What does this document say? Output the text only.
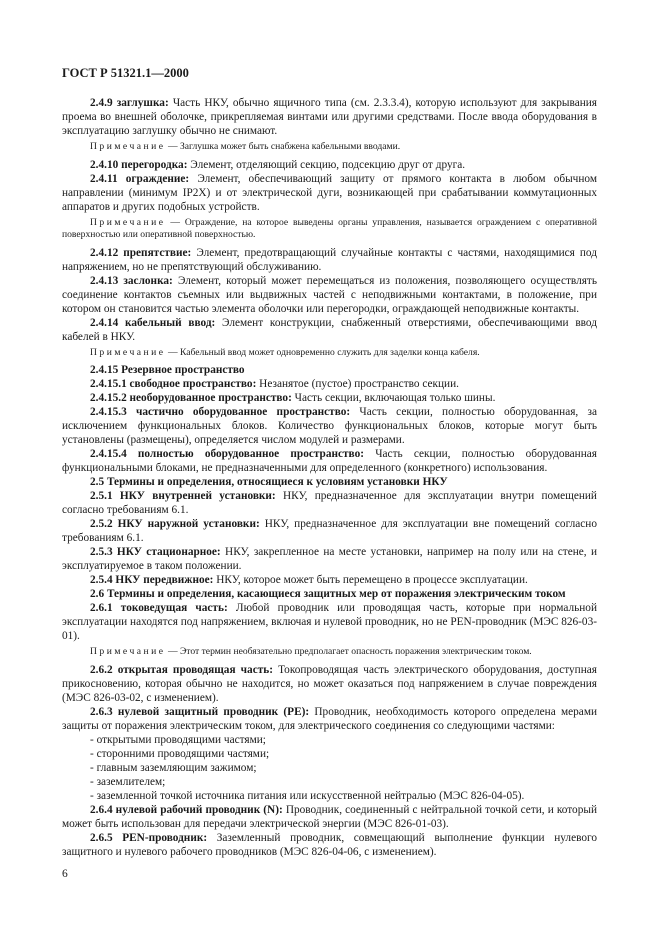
ГОСТ Р 51321.1—2000

2.4.9 заглушка: Часть НКУ, обычно ящичного типа (см. 2.3.3.4), которую используют для закрывания проема во внешней оболочке, прикрепляемая винтами или другими средствами. После ввода оборудования в эксплуатацию заглушку обычно не снимают.

Примечание — Заглушка может быть снабжена кабельными вводами.

2.4.10 перегородка: Элемент, отделяющий секцию, подсекцию друг от друга.

2.4.11 ограждение: Элемент, обеспечивающий защиту от прямого контакта в любом обычном направлении (минимум IP2X) и от электрической дуги, возникающей при срабатывании коммутационных аппаратов и других подобных устройств.

Примечание — Ограждение, на которое выведены органы управления, называется ограждением с оперативной поверхностью или оперативной поверхностью.

2.4.12 препятствие: Элемент, предотвращающий случайные контакты с частями, находящимися под напряжением, но не препятствующий обслуживанию.

2.4.13 заслонка: Элемент, который может перемещаться из положения, позволяющего осуществлять соединение контактов съемных или выдвижных частей с неподвижными контактами, в положение, при котором он становится частью элемента оболочки или перегородки, ограждающей неподвижные контакты.

2.4.14 кабельный ввод: Элемент конструкции, снабженный отверстиями, обеспечивающими ввод кабелей в НКУ.

Примечание — Кабельный ввод может одновременно служить для заделки конца кабеля.

2.4.15 Резервное пространство

2.4.15.1 свободное пространство: Незанятое (пустое) пространство секции.

2.4.15.2 необорудованное пространство: Часть секции, включающая только шины.

2.4.15.3 частично оборудованное пространство: Часть секции, полностью оборудованная, за исключением функциональных блоков. Количество функциональных блоков, которые могут быть установлены (размещены), определяется числом модулей и размерами.

2.4.15.4 полностью оборудованное пространство: Часть секции, полностью оборудованная функциональными блоками, не предназначенными для определенного (конкретного) использования.

2.5 Термины и определения, относящиеся к условиям установки НКУ

2.5.1 НКУ внутренней установки: НКУ, предназначенное для эксплуатации внутри помещений согласно требованиям 6.1.

2.5.2 НКУ наружной установки: НКУ, предназначенное для эксплуатации вне помещений согласно требованиям 6.1.

2.5.3 НКУ стационарное: НКУ, закрепленное на месте установки, например на полу или на стене, и эксплуатируемое в таком положении.

2.5.4 НКУ передвижное: НКУ, которое может быть перемещено в процессе эксплуатации.

2.6 Термины и определения, касающиеся защитных мер от поражения электрическим током

2.6.1 токоведущая часть: Любой проводник или проводящая часть, которые при нормальной эксплуатации находятся под напряжением, включая и нулевой проводник, но не PEN-проводник (МЭС 826-03-01).

Примечание — Этот термин необязательно предполагает опасность поражения электрическим током.

2.6.2 открытая проводящая часть: Токопроводящая часть электрического оборудования, доступная прикосновению, которая обычно не находится, но может оказаться под напряжением в случае повреждения (МЭС 826-03-02, с изменением).

2.6.3 нулевой защитный проводник (PE): Проводник, необходимость которого определена мерами защиты от поражения электрическим током, для электрического соединения со следующими частями:

- открытыми проводящими частями;

- сторонними проводящими частями;

- главным заземляющим зажимом;

- заземлителем;

- заземленной точкой источника питания или искусственной нейтралью (МЭС 826-04-05).

2.6.4 нулевой рабочий проводник (N): Проводник, соединенный с нейтральной точкой сети, и который может быть использован для передачи электрической энергии (МЭС 826-01-03).

2.6.5 PEN-проводник: Заземленный проводник, совмещающий выполнение функции нулевого защитного и нулевого рабочего проводников (МЭС 826-04-06, с изменением).

6
